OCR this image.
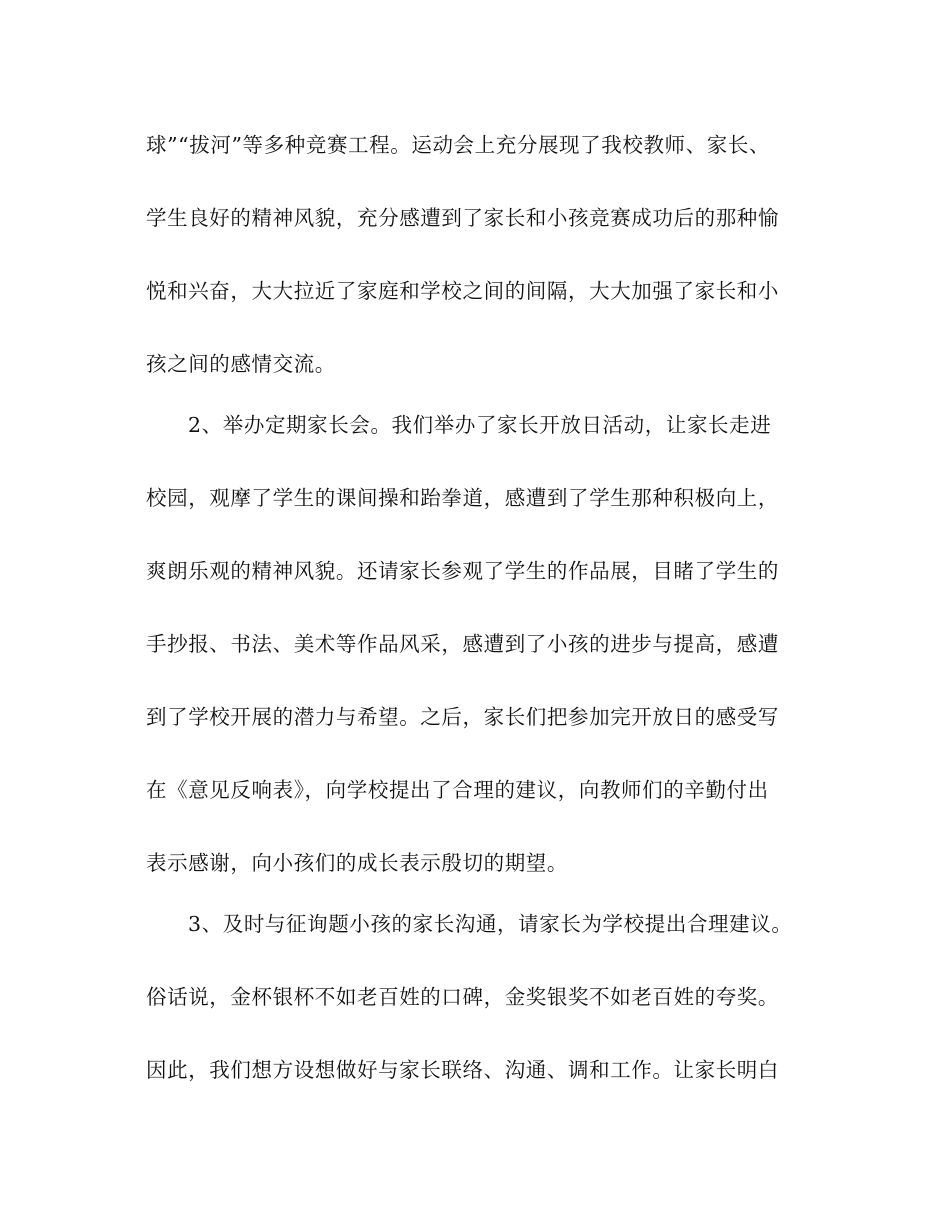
球”“拔河”等多种竞赛工程。运动会上充分展现了我校教师、家长、
学生良好的精神风貌，充分感遭到了家长和小孩竞赛成功后的那种愉
悦和兴奋，大大拉近了家庭和学校之间的间隔，大大加强了家长和小
孩之间的感情交流。
2、举办定期家长会。我们举办了家长开放日活动，让家长走进
校园，观摩了学生的课间操和跆拳道，感遭到了学生那种积极向上，
爽朗乐观的精神风貌。还请家长参观了学生的作品展，目睹了学生的
手抄报、书法、美术等作品风采，感遭到了小孩的进步与提高，感遭
到了学校开展的潜力与希望。之后，家长们把参加完开放日的感受写
在《意见反响表》，向学校提出了合理的建议，向教师们的辛勤付出
表示感谢，向小孩们的成长表示殷切的期望。
3、及时与征询题小孩的家长沟通，请家长为学校提出合理建议。
俗话说，金杯银杯不如老百姓的口碑，金奖银奖不如老百姓的夸奖。
因此，我们想方设想做好与家长联络、沟通、调和工作。让家长明白
